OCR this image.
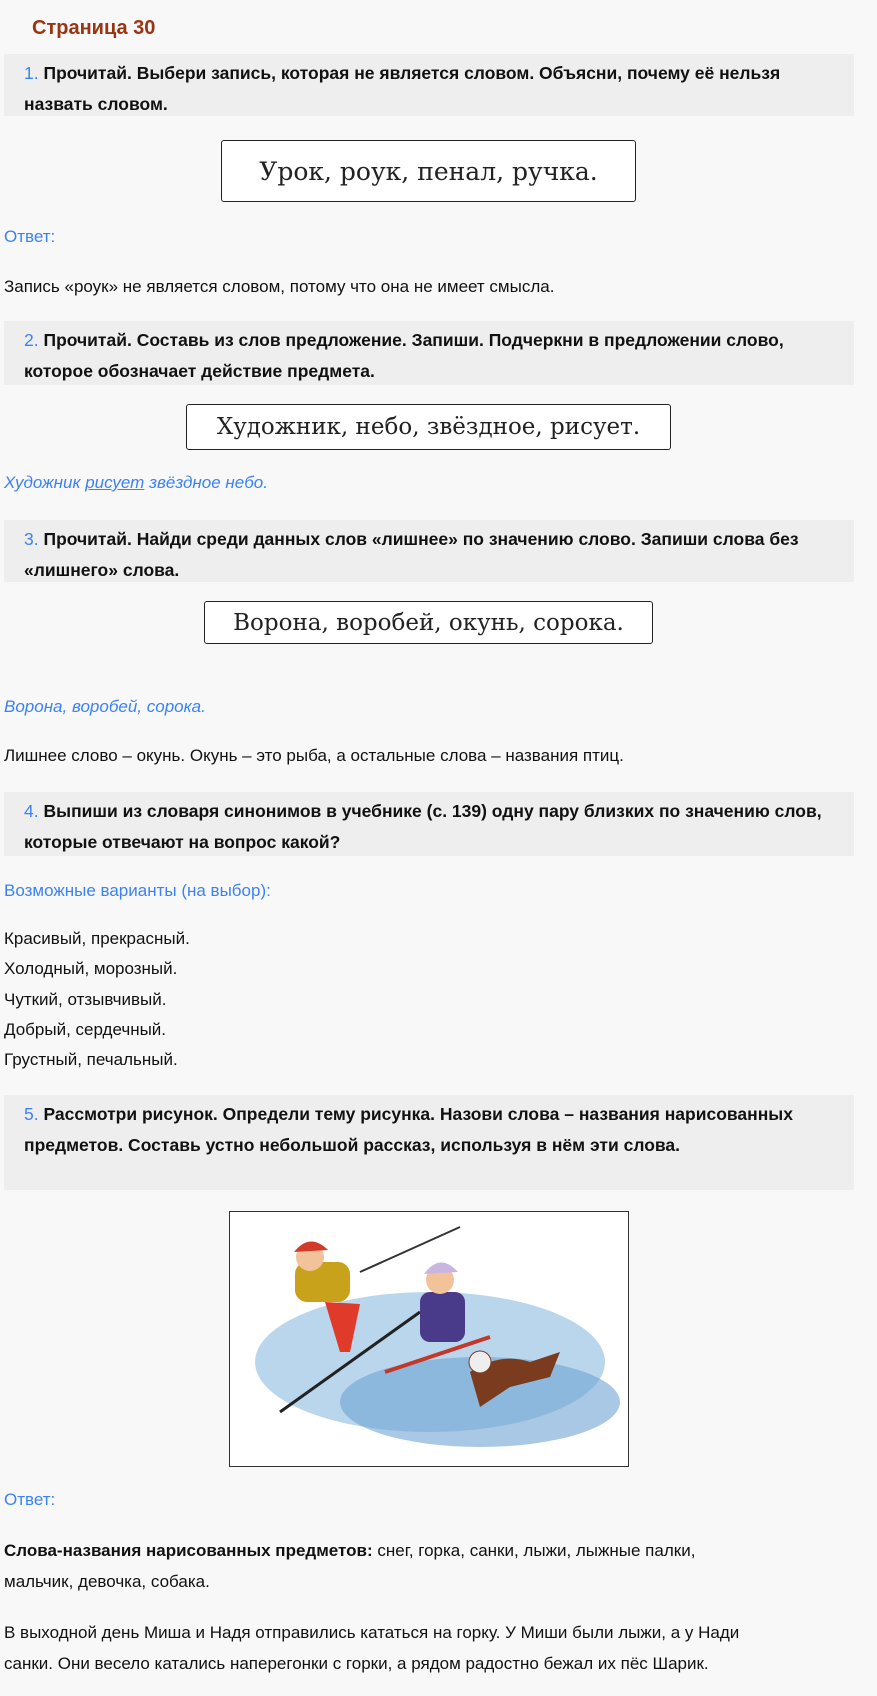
Страница 30
1. Прочитай. Выбери запись, которая не является словом. Объясни, почему её нельзя назвать словом.
Урок, роук, пенал, ручка.
Ответ:
Запись «роук» не является словом, потому что она не имеет смысла.
2. Прочитай. Составь из слов предложение. Запиши. Подчеркни в предложении слово, которое обозначает действие предмета.
Художник, небо, звёздное, рисует.
Художник рисует звёздное небо.
3. Прочитай. Найди среди данных слов «лишнее» по значению слово. Запиши слова без «лишнего» слова.
Ворона, воробей, окунь, сорока.
Ворона, воробей, сорока.
Лишнее слово – окунь. Окунь – это рыба, а остальные слова – названия птиц.
4. Выпиши из словаря синонимов в учебнике (с. 139) одну пару близких по значению слов, которые отвечают на вопрос какой?
Возможные варианты (на выбор):
Красивый, прекрасный.
Холодный, морозный.
Чуткий, отзывчивый.
Добрый, сердечный.
Грустный, печальный.
5. Рассмотри рисунок. Определи тему рисунка. Назови слова – названия нарисованных предметов. Составь устно небольшой рассказ, используя в нём эти слова.
Ответ:
Слова-названия нарисованных предметов: снег, горка, санки, лыжи, лыжные палки,
мальчик, девочка, собака.
В выходной день Миша и Надя отправились кататься на горку. У Миши были лыжи, а у Нади
санки. Они весело катались наперегонки с горки, а рядом радостно бежал их пёс Шарик.
